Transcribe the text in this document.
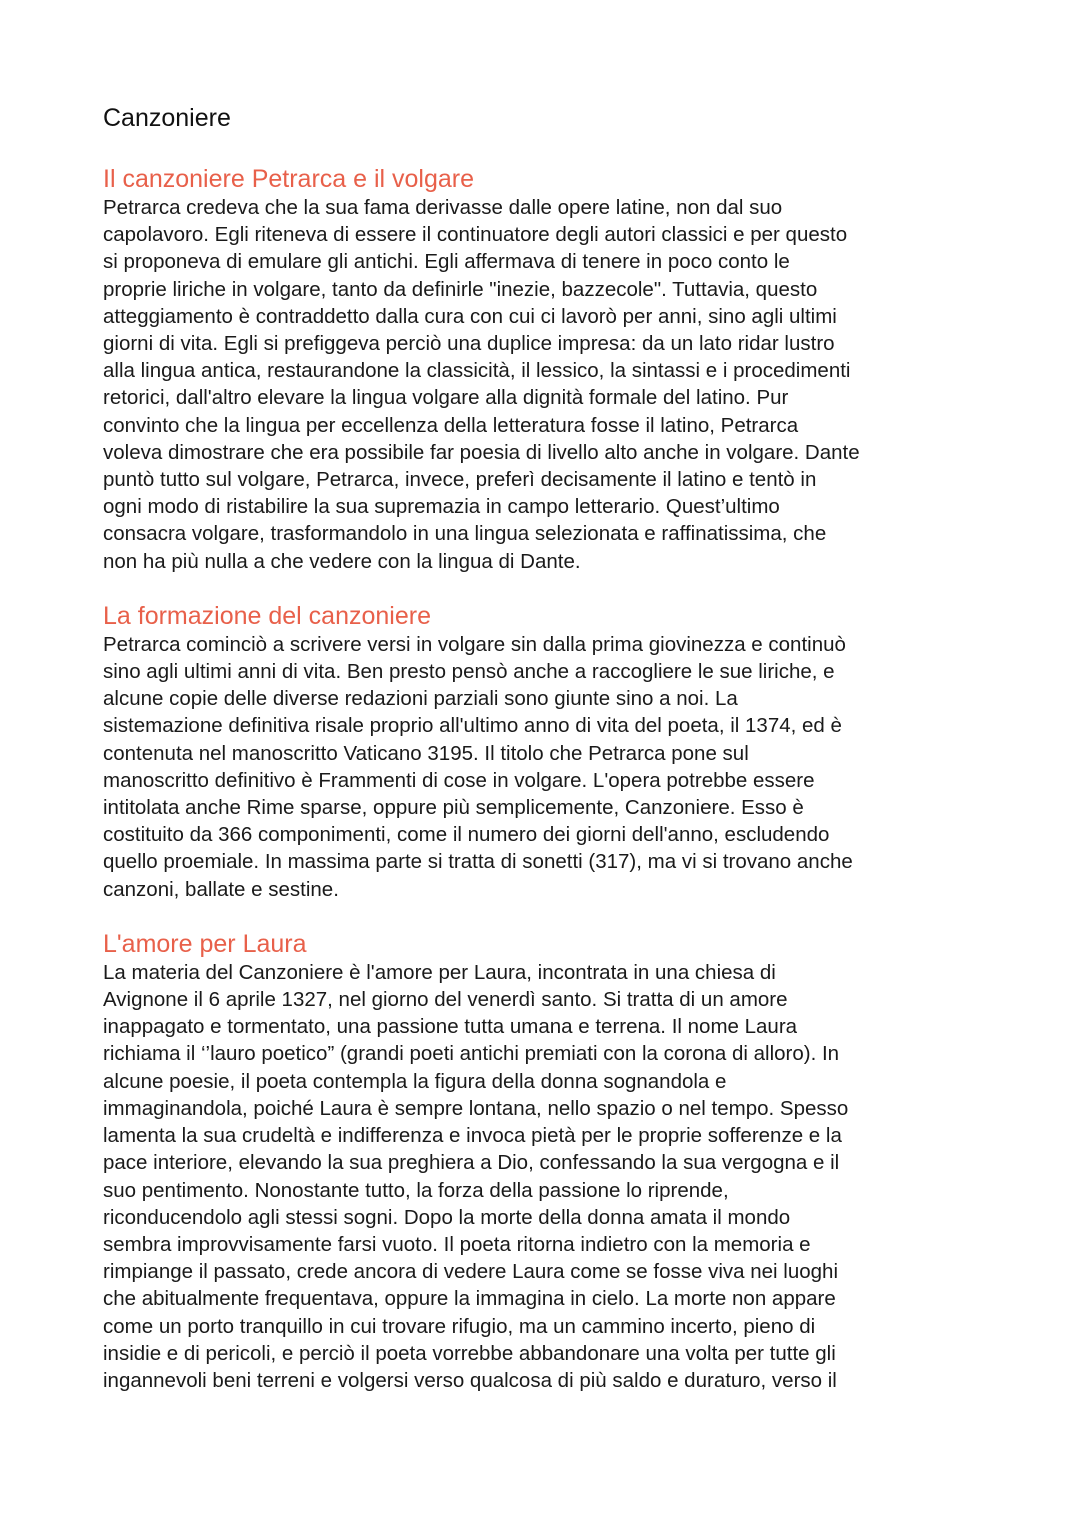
Canzoniere
Il canzoniere Petrarca e il volgare

Petrarca credeva che la sua fama derivasse dalle opere latine, non dal suo
capolavoro. Egli riteneva di essere il continuatore degli autori classici e per questo
si proponeva di emulare gli antichi. Egli affermava di tenere in poco conto le
proprie liriche in volgare, tanto da definirle "inezie, bazzecole". Tuttavia, questo
atteggiamento è contraddetto dalla cura con cui ci lavorò per anni, sino agli ultimi
giorni di vita. Egli si prefiggeva perciò una duplice impresa: da un lato ridar lustro
alla lingua antica, restaurandone la classicità, il lessico, la sintassi e i procedimenti
retorici, dall'altro elevare la lingua volgare alla dignità formale del latino. Pur
convinto che la lingua per eccellenza della letteratura fosse il latino, Petrarca
voleva dimostrare che era possibile far poesia di livello alto anche in volgare. Dante
puntò tutto sul volgare, Petrarca, invece, preferì decisamente il latino e tentò in
ogni modo di ristabilire la sua supremazia in campo letterario. Quest’ultimo
consacra volgare, trasformandolo in una lingua selezionata e raffinatissima, che
non ha più nulla a che vedere con la lingua di Dante.

La formazione del canzoniere

Petrarca cominciò a scrivere versi in volgare sin dalla prima giovinezza e continuò
sino agli ultimi anni di vita. Ben presto pensò anche a raccogliere le sue liriche, e
alcune copie delle diverse redazioni parziali sono giunte sino a noi. La
sistemazione definitiva risale proprio all'ultimo anno di vita del poeta, il 1374, ed è
contenuta nel manoscritto Vaticano 3195. Il titolo che Petrarca pone sul
manoscritto definitivo è Frammenti di cose in volgare. L'opera potrebbe essere
intitolata anche Rime sparse, oppure più semplicemente, Canzoniere. Esso è
costituito da 366 componimenti, come il numero dei giorni dell'anno, escludendo
quello proemiale. In massima parte si tratta di sonetti (317), ma vi si trovano anche
canzoni, ballate e sestine.

L'amore per Laura

La materia del Canzoniere è l'amore per Laura, incontrata in una chiesa di
Avignone il 6 aprile 1327, nel giorno del venerdì santo. Si tratta di un amore
inappagato e tormentato, una passione tutta umana e terrena. Il nome Laura
richiama il ‘’lauro poetico” (grandi poeti antichi premiati con la corona di alloro). In
alcune poesie, il poeta contempla la figura della donna sognandola e
immaginandola, poiché Laura è sempre lontana, nello spazio o nel tempo. Spesso
lamenta la sua crudeltà e indifferenza e invoca pietà per le proprie sofferenze e la
pace interiore, elevando la sua preghiera a Dio, confessando la sua vergogna e il
suo pentimento. Nonostante tutto, la forza della passione lo riprende,
riconducendolo agli stessi sogni. Dopo la morte della donna amata il mondo
sembra improvvisamente farsi vuoto. Il poeta ritorna indietro con la memoria e
rimpiange il passato, crede ancora di vedere Laura come se fosse viva nei luoghi
che abitualmente frequentava, oppure la immagina in cielo. La morte non appare
come un porto tranquillo in cui trovare rifugio, ma un cammino incerto, pieno di
insidie e di pericoli, e perciò il poeta vorrebbe abbandonare una volta per tutte gli
ingannevoli beni terreni e volgersi verso qualcosa di più saldo e duraturo, verso il
